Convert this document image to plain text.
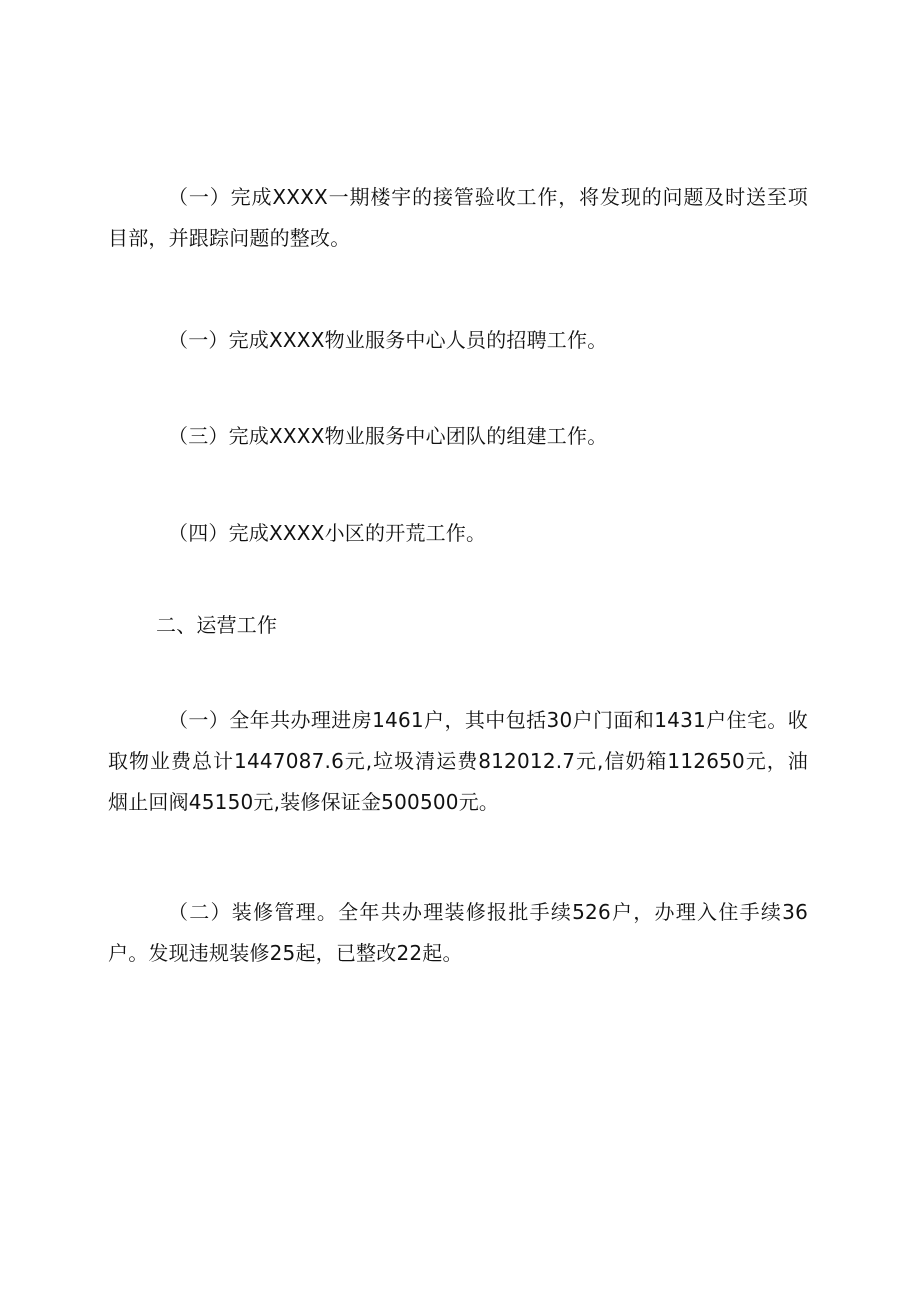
（一）完成XXXX一期楼宇的接管验收工作，将发现的问题及时送至项目部，并跟踪问题的整改。

（一）完成XXXX物业服务中心人员的招聘工作。

（三）完成XXXX物业服务中心团队的组建工作。

（四）完成XXXX小区的开荒工作。

二、运营工作

（一）全年共办理进房1461户，其中包括30户门面和1431户住宅。收取物业费总计1447087.6元,垃圾清运费812012.7元,信奶箱112650元，油烟止回阀45150元,装修保证金500500元。

（二）装修管理。全年共办理装修报批手续526户，办理入住手续36户。发现违规装修25起，已整改22起。
